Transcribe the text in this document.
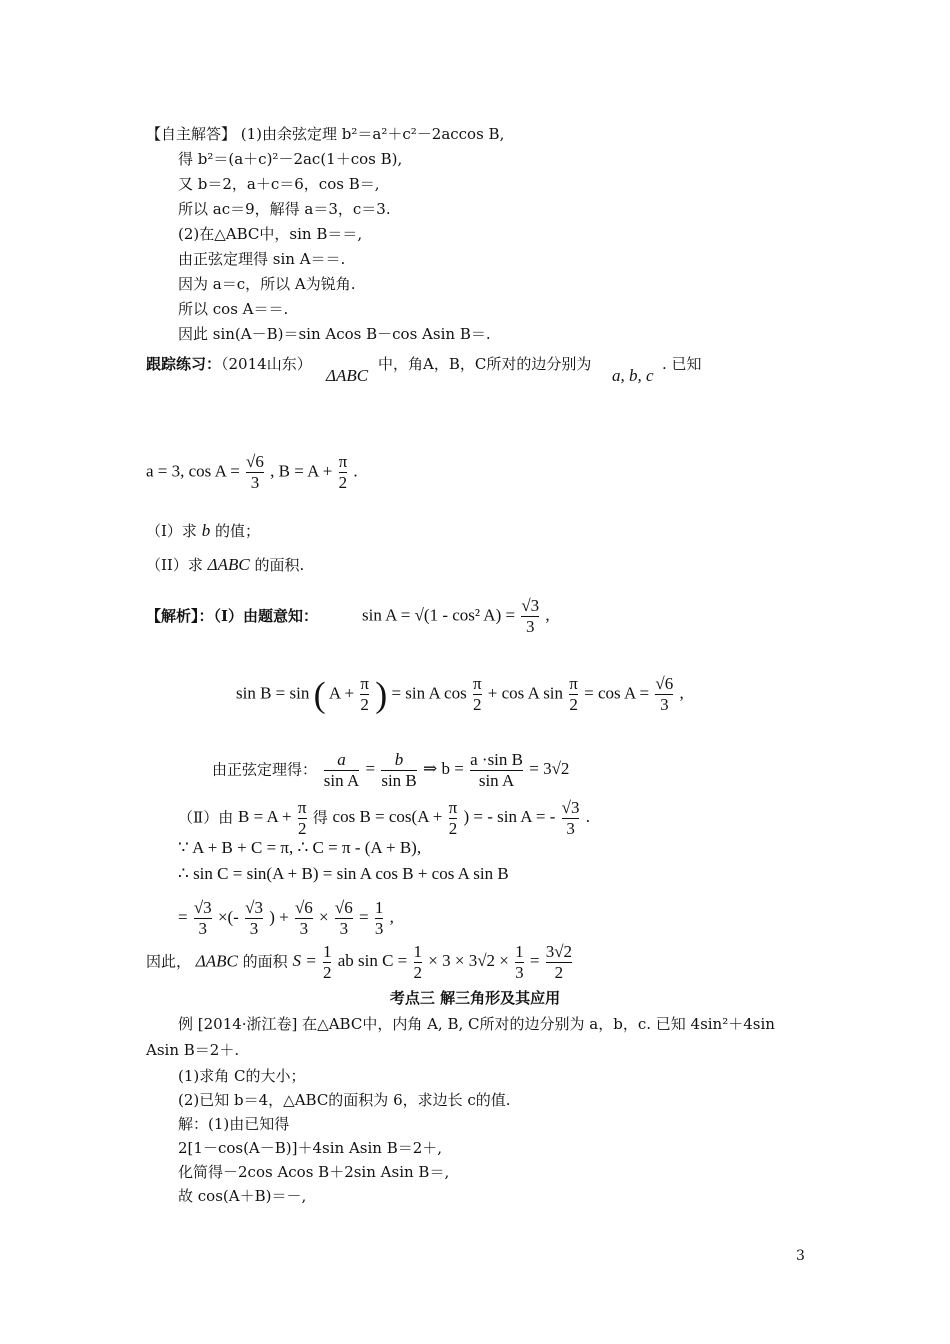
【自主解答】 (1)由余弦定理 b²＝a²＋c²－2accos B,
得 b²＝(a＋c)²－2ac(1＋cos B),
又 b＝2，a＋c＝6，cos B＝,
所以 ac＝9，解得 a＝3，c＝3.
(2)在△ABC中，sin B＝＝,
由正弦定理得 sin A＝＝.
因为 a＝c，所以 A为锐角.
所以 cos A＝＝.
因此 sin(A－B)＝sin Acos B－cos Asin B＝.
跟踪练习：（2014山东）
ΔABC
中，角A，B，C所对的边分别为
a, b, c
. 已知
a = 3, $\cos A = \frac{√6}{3}$ , $B = A + \frac{\pi}{2}$ .
（Ⅰ）求 b 的值；
（II）求 ΔABC 的面积.
【解析】：（Ⅰ）由题意知：	sin A = √(1 - cos² $A) = \frac{√3}{3}$ ,
sin B = sin ( $A + \frac{\pi}{2}$ ) = sin A $\cos \frac{\pi}{2} + \cos A$ $\sin \frac{\pi}{2} = \cos A = \frac{√6}{3}$ ,
由正弦定理得： $\frac{a}{\text{sin A}} = \frac{b}{\text{sin B}}$ ⇒ $b = \frac{\text{a ·sin B}}{\text{sin A}} = 3√2$
（Ⅱ）由 $B = A + \frac{\pi}{2}$ 得 $\cos B = \cos(A + \frac{\pi}{2}$ ) = - sin A = - $\frac{√3}{3}$ .
∵ A + B + C = π, ∴ C = π - (A + B),
∴ sin C = sin(A + B) = sin A cos B + cos A sin B
= $\frac{√3}{3}$ ×(- $\frac{√3}{3}$ ) + $\frac{√6}{3} \times \frac{√6}{3} = \frac{1}{3}$ ,
因此， ΔABC 的面积 $S = \frac{1}{2}$ ab $\sin C = \frac{1}{2} \times 3 \times 3√2 \times \frac{1}{3} = \frac{3√2}{2}$
考点三 解三角形及其应用
例 [2014·浙江卷] 在△ABC中，内角 A, B, C所对的边分别为 a，b，c. 已知 4sin²＋4sin
Asin B＝2＋.
(1)求角 C的大小；
(2)已知 b＝4，△ABC的面积为 6，求边长 c的值.
解：(1)由已知得
2[1－cos(A－B)]＋4sin Asin B＝2＋,
化简得－2cos Acos B＋2sin Asin B＝,
故 cos(A＋B)＝－,
3
